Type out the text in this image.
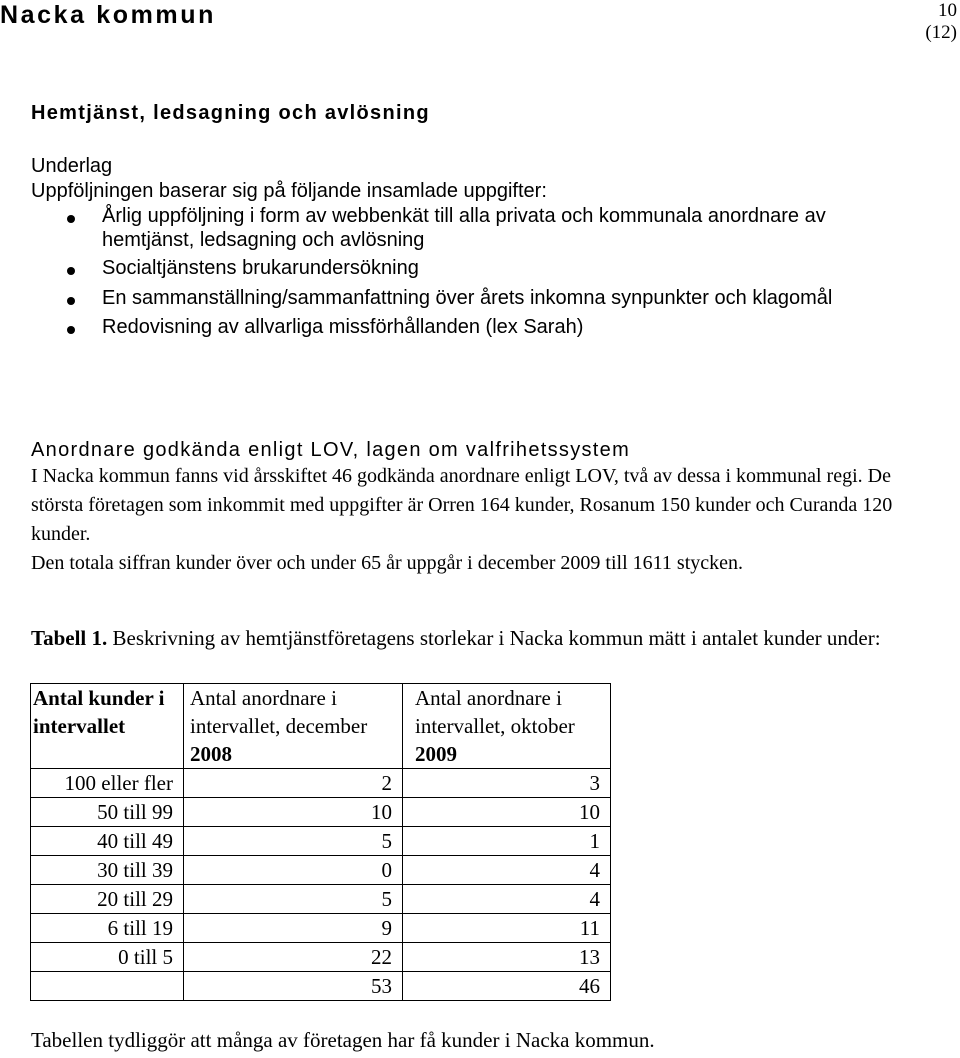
Nacka kommun	10
(12)
Hemtjänst, ledsagning och avlösning
Underlag
Uppföljningen baserar sig på följande insamlade uppgifter:
Årlig uppföljning i form av webbenkät till alla privata och kommunala anordnare av hemtjänst, ledsagning och avlösning
Socialtjänstens brukarundersökning
En sammanställning/sammanfattning över årets inkomna synpunkter och klagomål
Redovisning av allvarliga missförhållanden (lex Sarah)
Anordnare godkända enligt LOV, lagen om valfrihetssystem

I Nacka kommun fanns vid årsskiftet 46 godkända anordnare enligt LOV, två av dessa i kommunal regi. De största företagen som inkommit med uppgifter är Orren 164 kunder, Rosanum 150 kunder och Curanda 120 kunder.

Den totala siffran kunder över och under 65 år uppgår i december 2009 till 1611 stycken.

Tabell 1. Beskrivning av hemtjänstföretagens storlekar i Nacka kommun mätt i antalet kunder under:

Antal kunder i intervallet	Antal anordnare i intervallet, december 2008	Antal anordnare i intervallet, oktober 2009
100 eller fler	2	3
50 till 99	10	10
40 till 49	5	1
30 till 39	0	4
20 till 29	5	4
6 till 19	9	11
0 till 5	22	13
	53	46

Tabellen tydliggör att många av företagen har få kunder i Nacka kommun.
